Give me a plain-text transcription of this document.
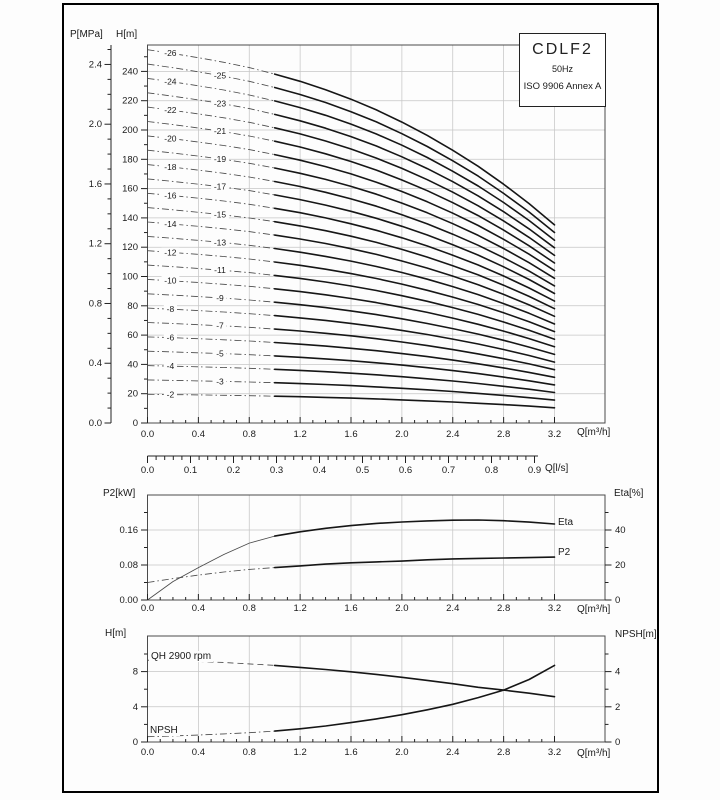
-2
-3
-4
-5
-6
-7
-8
-9
-10
-11
-12
-13
-14
-15
-16
-17
-18
-19
-20
-21
-22
-23
-24
-25
-26
0.0	0.4	0.8	1.2	1.6	2.0	2.4	2.8	3.2
0
20
40
60
80
100
120
140
160
180
200
220
240
0.0
0.4
0.8
1.2
1.6
2.0
2.4
0.0	0.1	0.2	0.3	0.4	0.5	0.6	0.7	0.8	0.9
0.0	0.4	0.8	1.2	1.6	2.0	2.4	2.8	3.2
0.00
0.08
0.16
0
20
40
0.0	0.4	0.8	1.2	1.6	2.0	2.4	2.8	3.2
0
4
8
0
2
4
P[MPa] H[m]
Q[m³/h]
Q[l/s]
P2[kW]	Eta[%]
Q[m³/h]
Eta
P2
H[m]	NPSH[m]
Q[m³/h]
QH 2900 rpm
NPSH
CDLF2
50Hz
ISO 9906 Annex A
